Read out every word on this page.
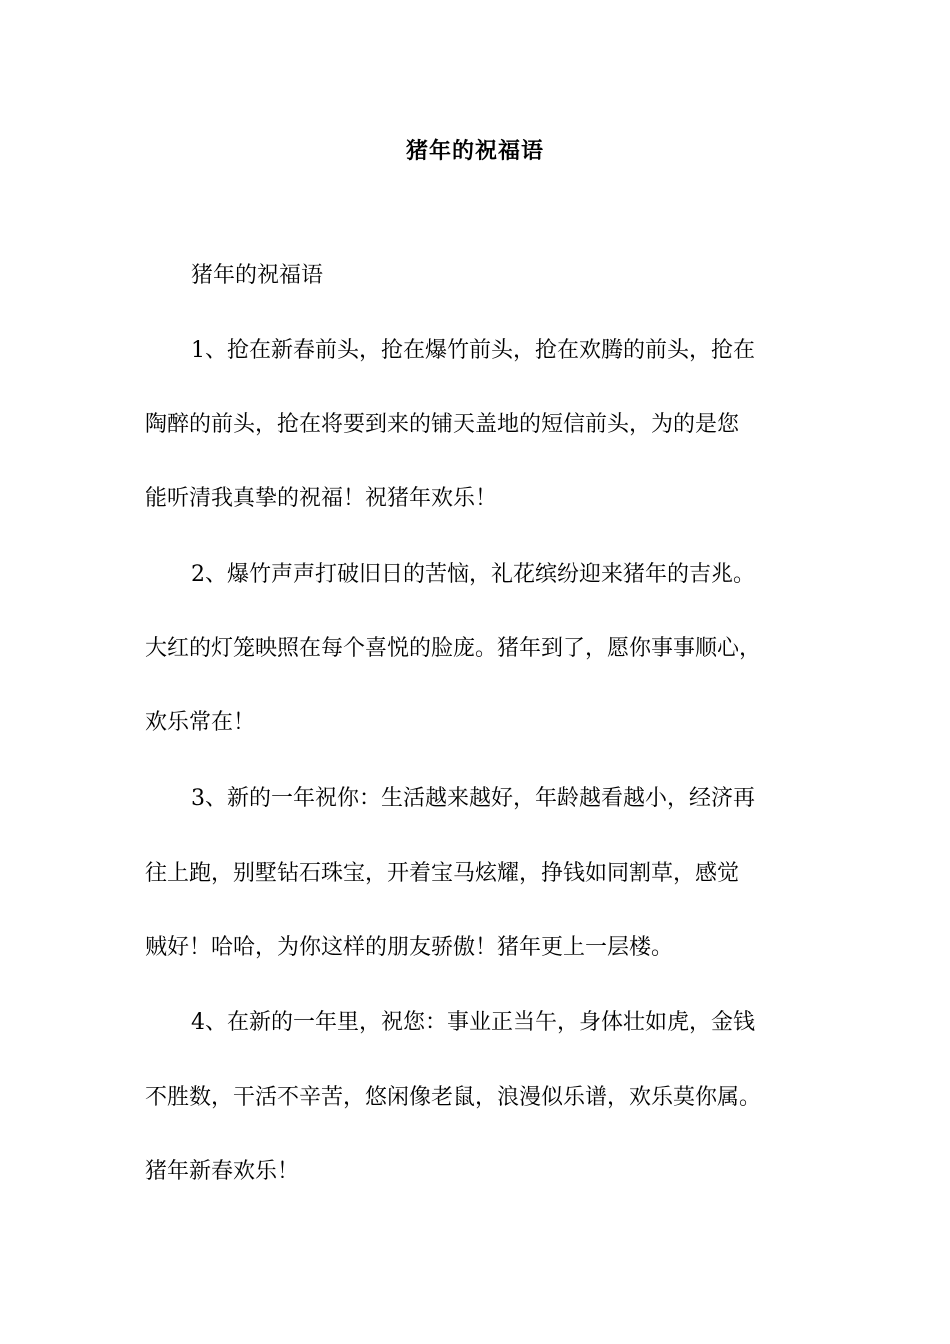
猪年的祝福语
猪年的祝福语
1、抢在新春前头，抢在爆竹前头，抢在欢腾的前头，抢在
陶醉的前头，抢在将要到来的铺天盖地的短信前头，为的是您
能听清我真挚的祝福！祝猪年欢乐！
2、爆竹声声打破旧日的苦恼，礼花缤纷迎来猪年的吉兆。
大红的灯笼映照在每个喜悦的脸庞。猪年到了，愿你事事顺心，
欢乐常在！
3、新的一年祝你：生活越来越好，年龄越看越小，经济再
往上跑，别墅钻石珠宝，开着宝马炫耀，挣钱如同割草，感觉
贼好！哈哈，为你这样的朋友骄傲！猪年更上一层楼。
4、在新的一年里，祝您：事业正当午，身体壮如虎，金钱
不胜数，干活不辛苦，悠闲像老鼠，浪漫似乐谱，欢乐莫你属。
猪年新春欢乐！
